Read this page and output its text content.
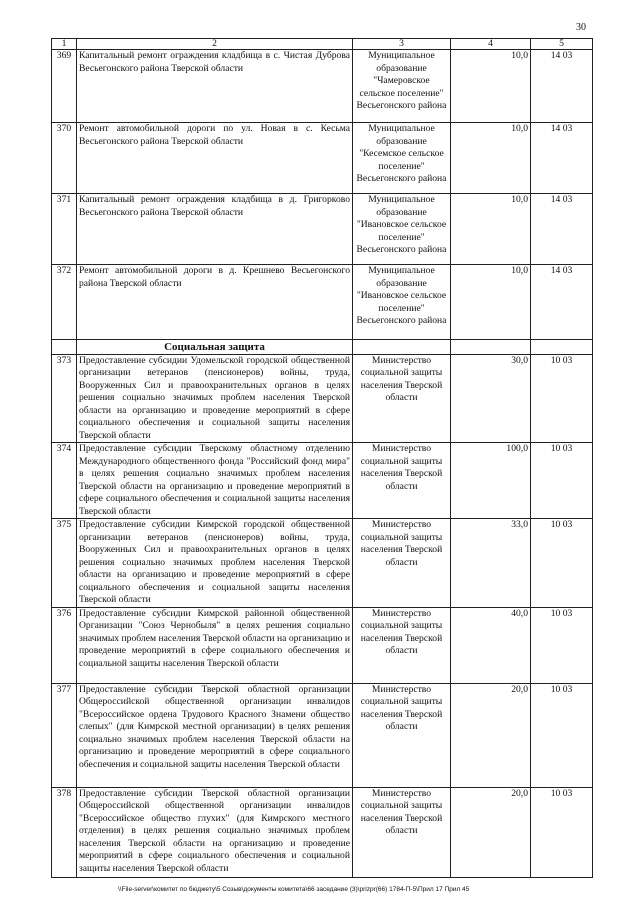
30
1	2	3	4	5
369	Капитальный ремонт ограждения кладбища в с. Чистая Дуброва Весьегонского района Тверской области	Муниципальное образование "Чамеровское сельское поселение" Весьегонского района	10,0	14 03
370	Ремонт автомобильной дороги по ул. Новая в с. Кесьма Весьегонского района Тверской области	Муниципальное образование "Кесемское сельское поселение" Весьегонского района	10,0	14 03
371	Капитальный ремонт ограждения кладбища в д. Григорково Весьегонского района Тверской области	Муниципальное образование "Ивановское сельское поселение" Весьегонского района	10,0	14 03
372	Ремонт автомобильной дороги в д. Крешнево Весьегонского района Тверской области	Муниципальное образование "Ивановское сельское поселение" Весьегонского района	10,0	14 03
	Социальная защита			
373	Предоставление субсидии Удомельской городской общественной организации ветеранов (пенсионеров) войны, труда, Вооруженных Сил и правоохранительных органов в целях решения социально значимых проблем населения Тверской области на организацию и проведение мероприятий в сфере социального обеспечения и социальной защиты населения Тверской области	Министерство социальной защиты населения Тверской области	30,0	10 03
374	Предоставление субсидии Тверскому областному отделению Международного общественного фонда "Российский фонд мира" в целях решения социально значимых проблем населения Тверской области на организацию и проведение мероприятий в сфере социального обеспечения и социальной защиты населения Тверской области	Министерство социальной защиты населения Тверской области	100,0	10 03
375	Предоставление субсидии Кимрской городской общественной организации ветеранов (пенсионеров) войны, труда, Вооруженных Сил и правоохранительных органов в целях решения социально значимых проблем населения Тверской области на организацию и проведение мероприятий в сфере социального обеспечения и социальной защиты населения Тверской области	Министерство социальной защиты населения Тверской области	33,0	10 03
376	Предоставление субсидии Кимрской районной общественной Организации "Союз Чернобыля" в целях решения социально значимых проблем населения Тверской области на организацию и проведение мероприятий в сфере социального обеспечения и социальной защиты населения Тверской области	Министерство социальной защиты населения Тверской области	40,0	10 03
377	Предоставление субсидии Тверской областной организации Общероссийской общественной организации инвалидов "Всероссийское ордена Трудового Красного Знамени общество слепых" (для Кимрской местной организации) в целях решения социально значимых проблем населения Тверской области на организацию и проведение мероприятий в сфере социального обеспечения и социальной защиты населения Тверской области	Министерство социальной защиты населения Тверской области	20,0	10 03
378	Предоставление субсидии Тверской областной организации Общероссийской общественной организации инвалидов "Всероссийское общество глухих" (для Кимрского местного отделения) в целях решения социально значимых проблем населения Тверской области на организацию и проведение мероприятий в сфере социального обеспечения и социальной защиты населения Тверской области	Министерство социальной защиты населения Тверской области	20,0	10 03
\\File-server\комитет по бюджету\5 Созыв\документы комитета\66 заседание (3)\prizpr(66) 1784-П-5\Прил 17 Прил 45
